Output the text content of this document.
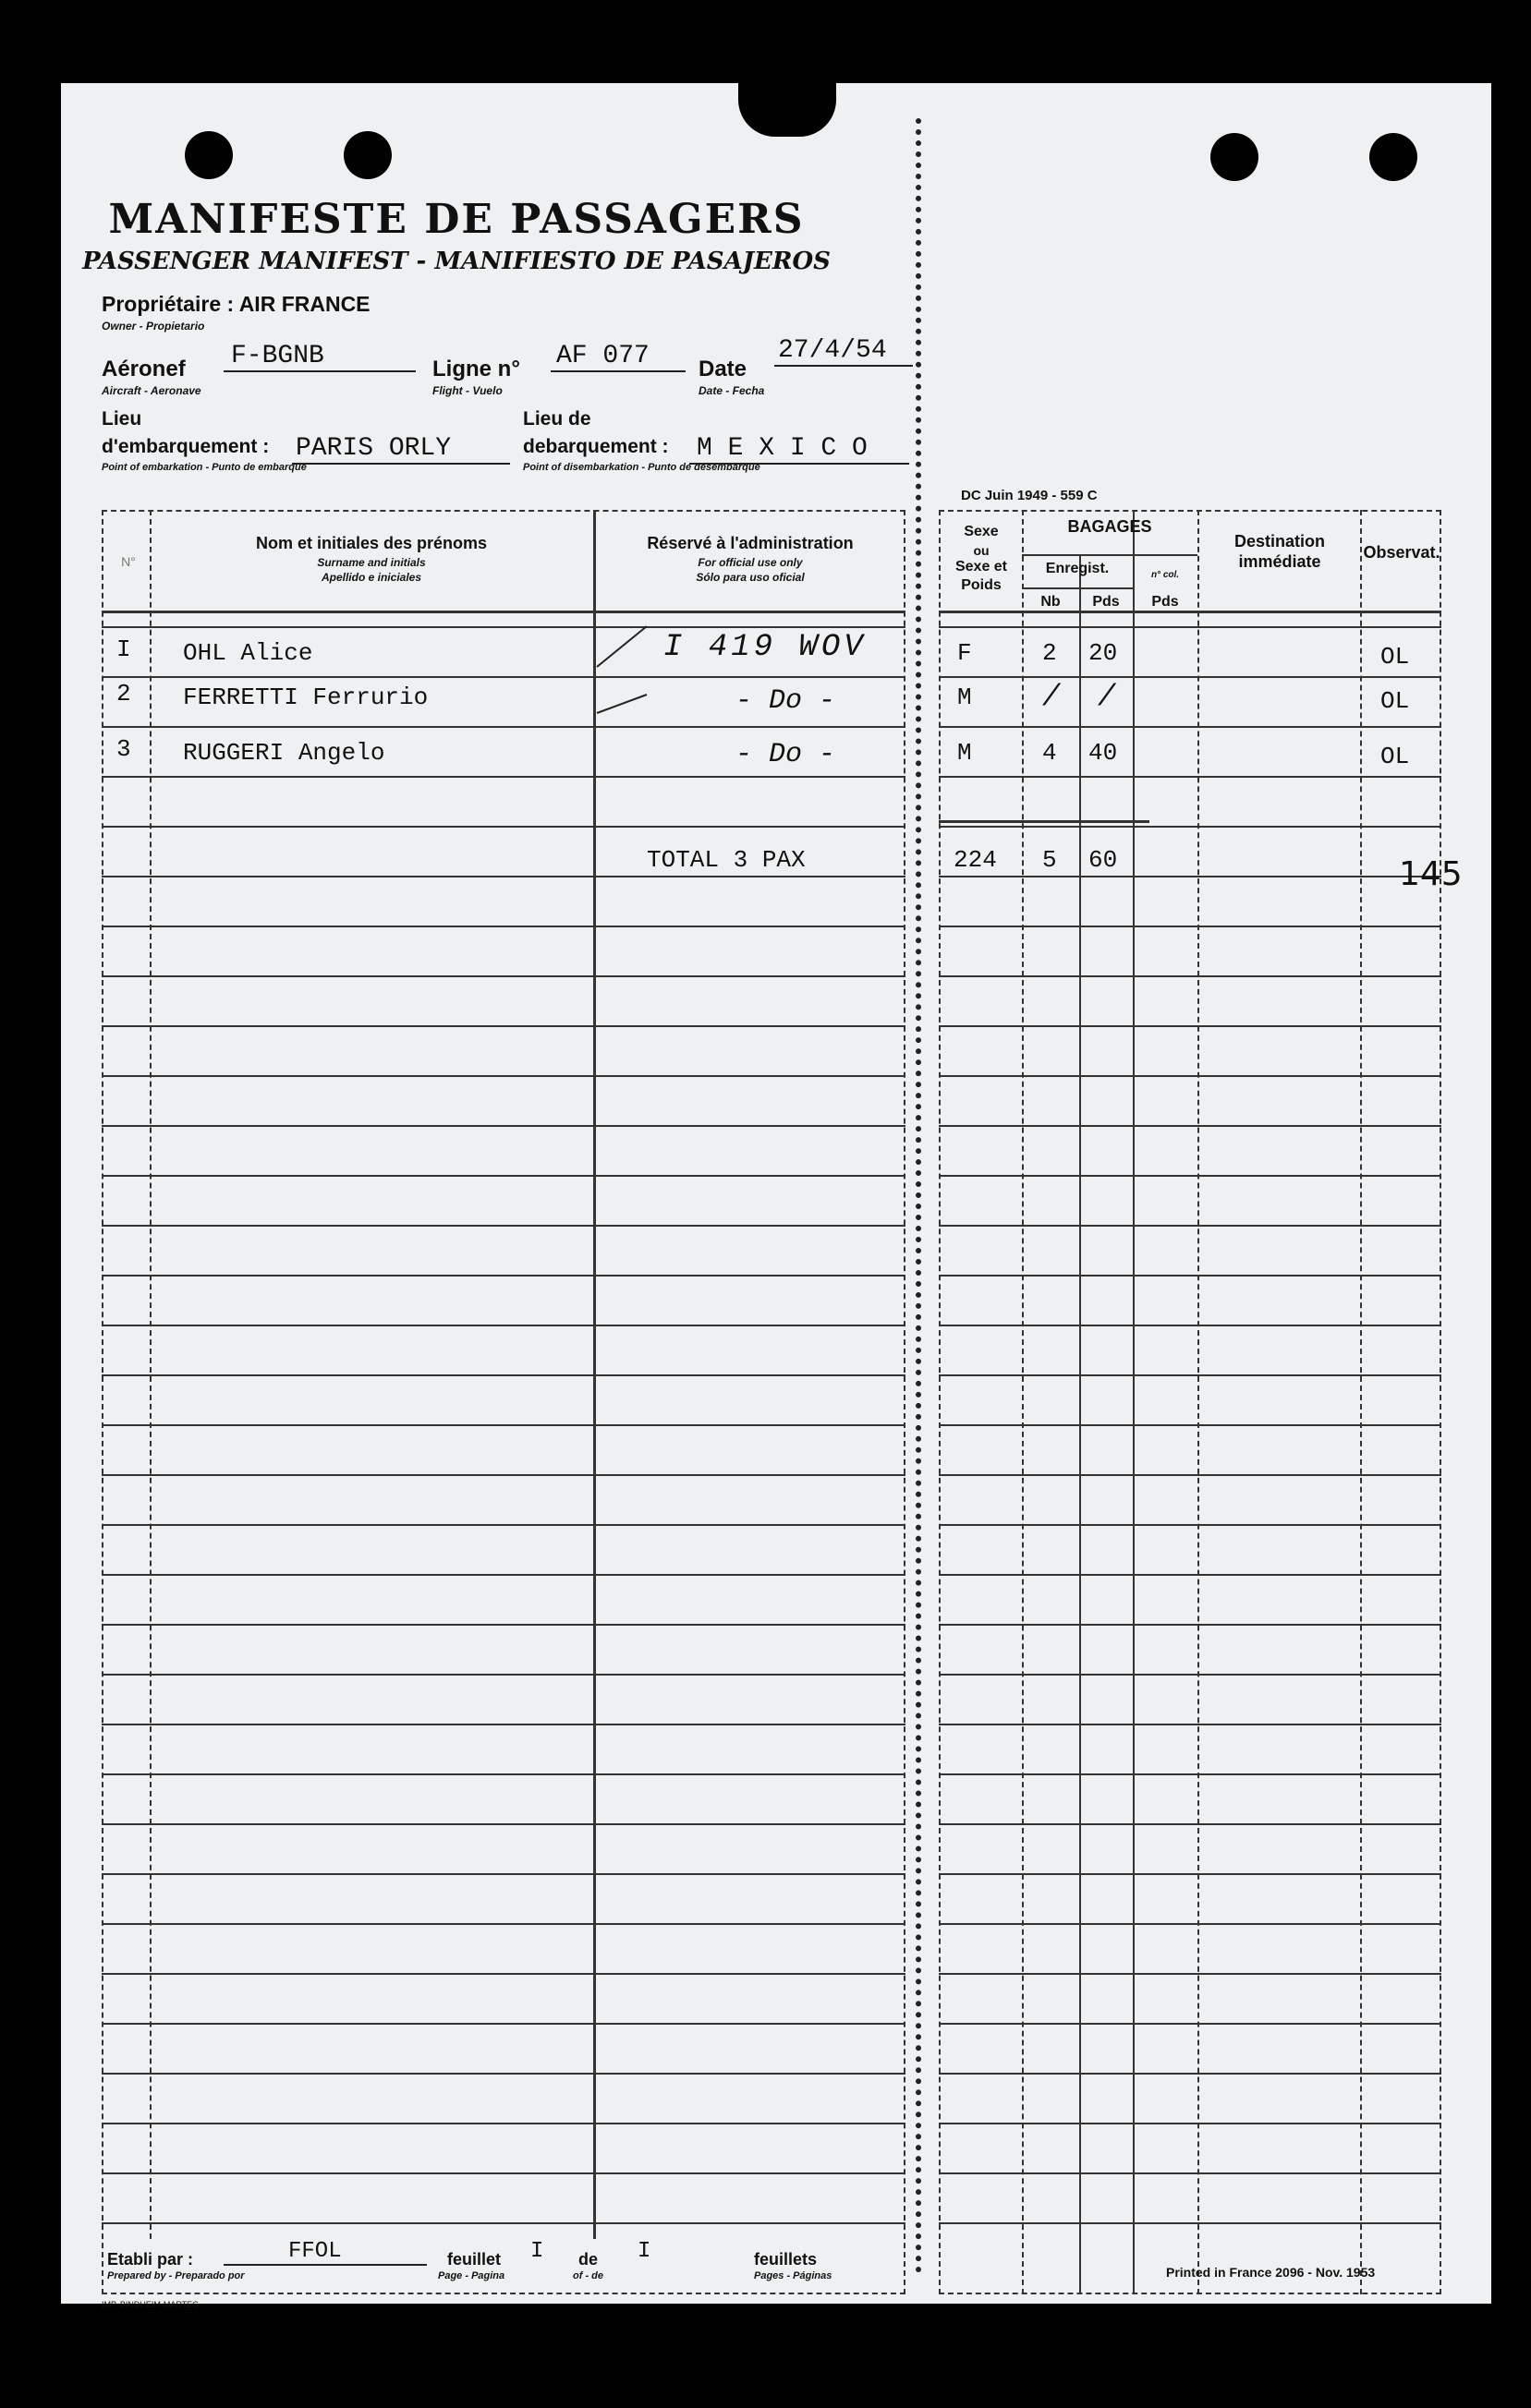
MANIFESTE DE PASSAGERS
PASSENGER MANIFEST - MANIFIESTO DE PASAJEROS
Propriétaire : AIR FRANCE
Owner - Propietario
Aéronef
Aircraft - Aeronave
F-BGNB	Ligne n°
Flight - Vuelo
AF 077	Date
Date - Fecha
27/4/54
Lieu
d'embarquement :
Point of embarkation - Punto de embarque
PARIS ORLY
Lieu de
debarquement :
Point of disembarkation - Punto de desembarque
M E X I C O
DC Juin 1949 - 559 C
N°
Nom et initiales des prénoms
Surname and initials
Apellido e iniciales
Réservé à l'administration
For official use only
Sólo para uso oficial
Sexe
ou
Sexe et
Poids
BAGAGES
Enregist.
Nb	Pds
n° col.
Pds
Destination
immédiate	Observat.
I OHL Alice	I 419 WOV	F	2 20	OL
2 FERRETTI Ferrurio	- Do -	M / /	OL
3 RUGGERI Angelo	- Do -	M	4 40	OL
TOTAL 3 PAX	224 5 60	145
Etabli par :
Prepared by - Preparado por
FFOL	feuillet
Page - Pagina
I de
of - de
I	feuillets
Pages - Páginas
IMP. BINDHEIM-MARTEG
Printed in France 2096 - Nov. 1953
